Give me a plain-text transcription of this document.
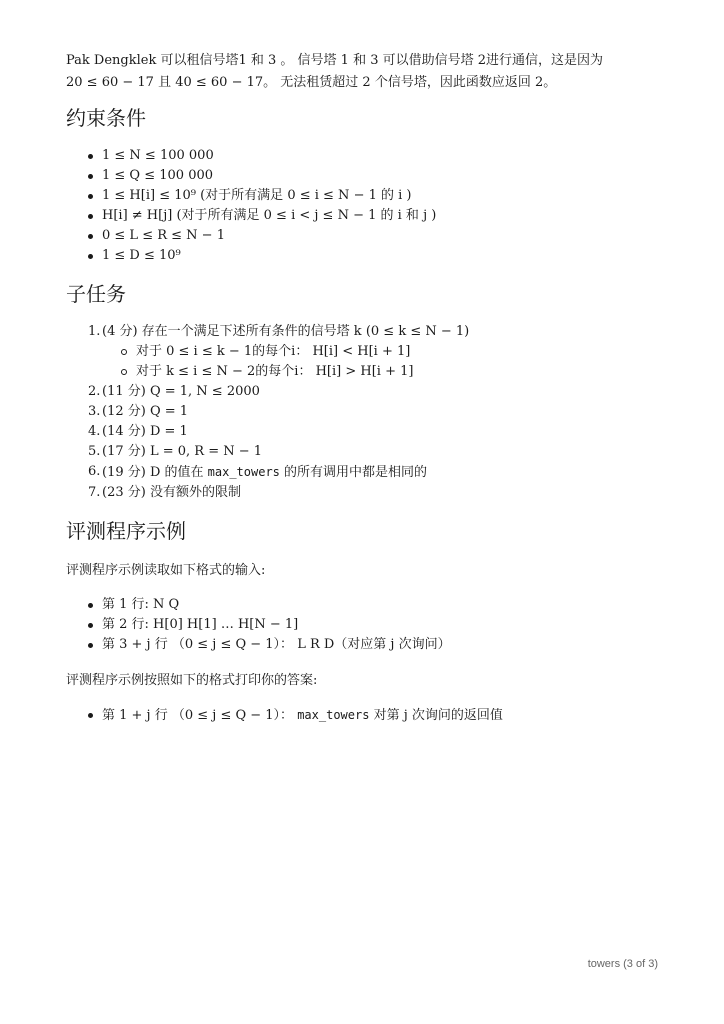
Pak Dengklek 可以租信号塔1 和 3 。 信号塔 1 和 3 可以借助信号塔 2进行通信，这是因为
20 ≤ 60 − 17 且 40 ≤ 60 − 17。 无法租赁超过 2 个信号塔，因此函数应返回 2。

约束条件
1 ≤ N ≤ 100 000
1 ≤ Q ≤ 100 000
1 ≤ H[i] ≤ 10⁹ (对于所有满足 0 ≤ i ≤ N − 1 的 i )
H[i] ≠ H[j] (对于所有满足 0 ≤ i < j ≤ N − 1 的 i 和 j )
0 ≤ L ≤ R ≤ N − 1
1 ≤ D ≤ 10⁹
子任务
1. (4 分) 存在一个满足下述所有条件的信号塔 k (0 ≤ k ≤ N − 1)
对于 0 ≤ i ≤ k − 1的每个i： H[i] < H[i + 1]
对于 k ≤ i ≤ N − 2的每个i： H[i] > H[i + 1]
2. (11 分) Q = 1, N ≤ 2000
3. (12 分) Q = 1
4. (14 分) D = 1
5. (17 分) L = 0, R = N − 1
6. (19 分) D 的值在 max_towers 的所有调用中都是相同的
7. (23 分) 没有额外的限制
评测程序示例

评测程序示例读取如下格式的输入:

第 1 行: N Q
第 2 行: H[0] H[1] … H[N − 1]
第 3 + j 行 （0 ≤ j ≤ Q − 1）： L R D（对应第 j 次询问）

评测程序示例按照如下的格式打印你的答案:

第 1 + j 行 （0 ≤ j ≤ Q − 1）： max_towers 对第 j 次询问的返回值
towers (3 of 3)
